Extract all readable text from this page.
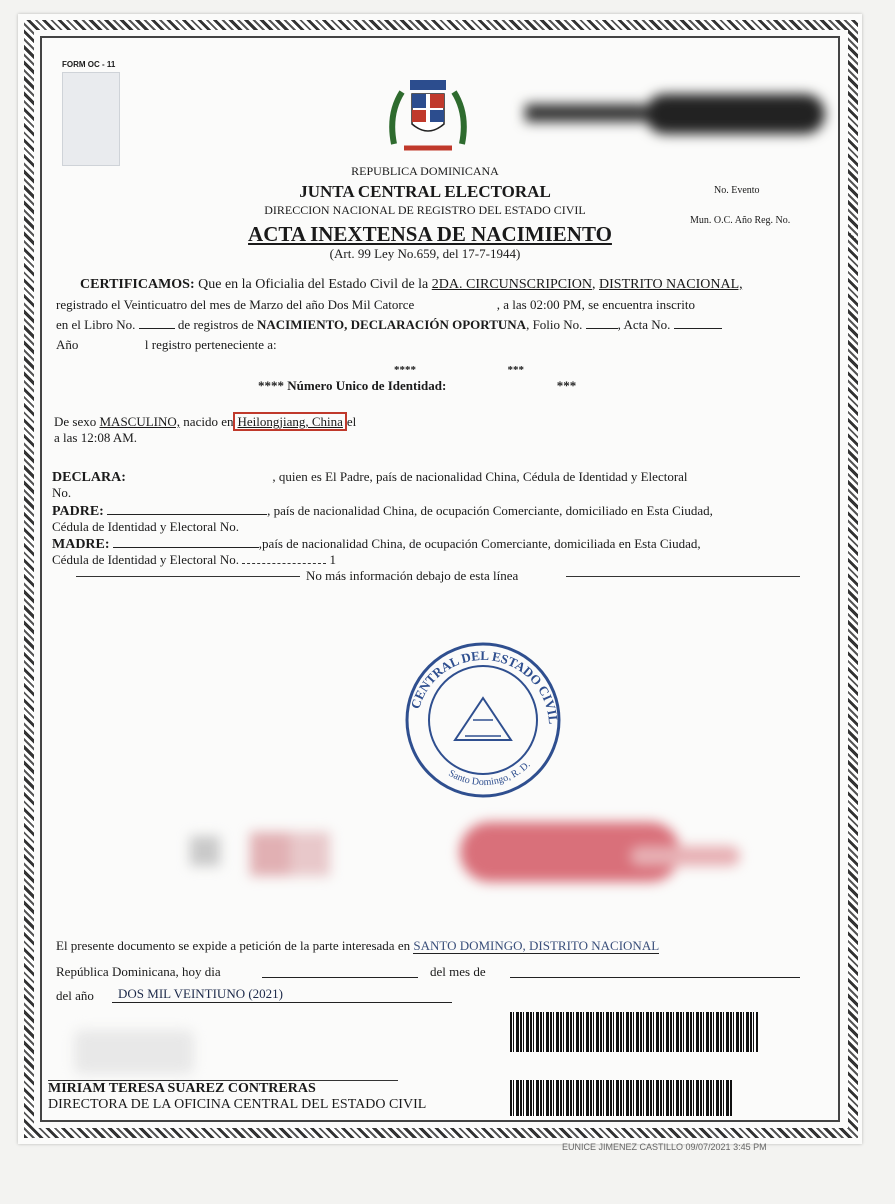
FORM OC - 11
REPUBLICA DOMINICANA
JUNTA CENTRAL ELECTORAL
DIRECCION NACIONAL DE REGISTRO DEL ESTADO CIVIL
ACTA INEXTENSA DE NACIMIENTO
(Art. 99 Ley No.659, del 17-7-1944)
No. Evento
Mun. O.C. Año Reg. No.
CERTIFICAMOS: Que en la Oficialia del Estado Civil de la 2DA. CIRCUNSCRIPCION, DISTRITO NACIONAL,
registrado el Veinticuatro del mes de Marzo del año Dos Mil Catorce	, a las 02:00 PM, se encuentra inscrito
en el Libro No.	de registros de NACIMIENTO, DECLARACIÓN OPORTUNA, Folio No.	, Acta No.
Año	l registro perteneciente a:
****	***
**** Número Unico de Identidad:	***
De sexo MASCULINO, nacido en Heilongjiang, China el
a las 12:08 AM.
DECLARA:	, quien es El Padre, país de nacionalidad China, Cédula de Identidad y Electoral
No.
PADRE:	, país de nacionalidad China, de ocupación Comerciante, domiciliado en Esta Ciudad,
Cédula de Identidad y Electoral No.
MADRE:	,país de nacionalidad China, de ocupación Comerciante, domiciliada en Esta Ciudad,
Cédula de Identidad y Electoral No.	1
No más información debajo de esta línea
CENTRAL DEL ESTADO CIVIL
Santo Domingo, R. D.
El presente documento se expide a petición de la parte interesada en SANTO DOMINGO, DISTRITO NACIONAL
República Dominicana, hoy dia	del mes de
del año	DOS MIL VEINTIUNO (2021)
MIRIAM TERESA SUAREZ CONTRERAS
DIRECTORA DE LA OFICINA CENTRAL DEL ESTADO CIVIL
EUNICE JIMENEZ CASTILLO 09/07/2021 3:45 PM
